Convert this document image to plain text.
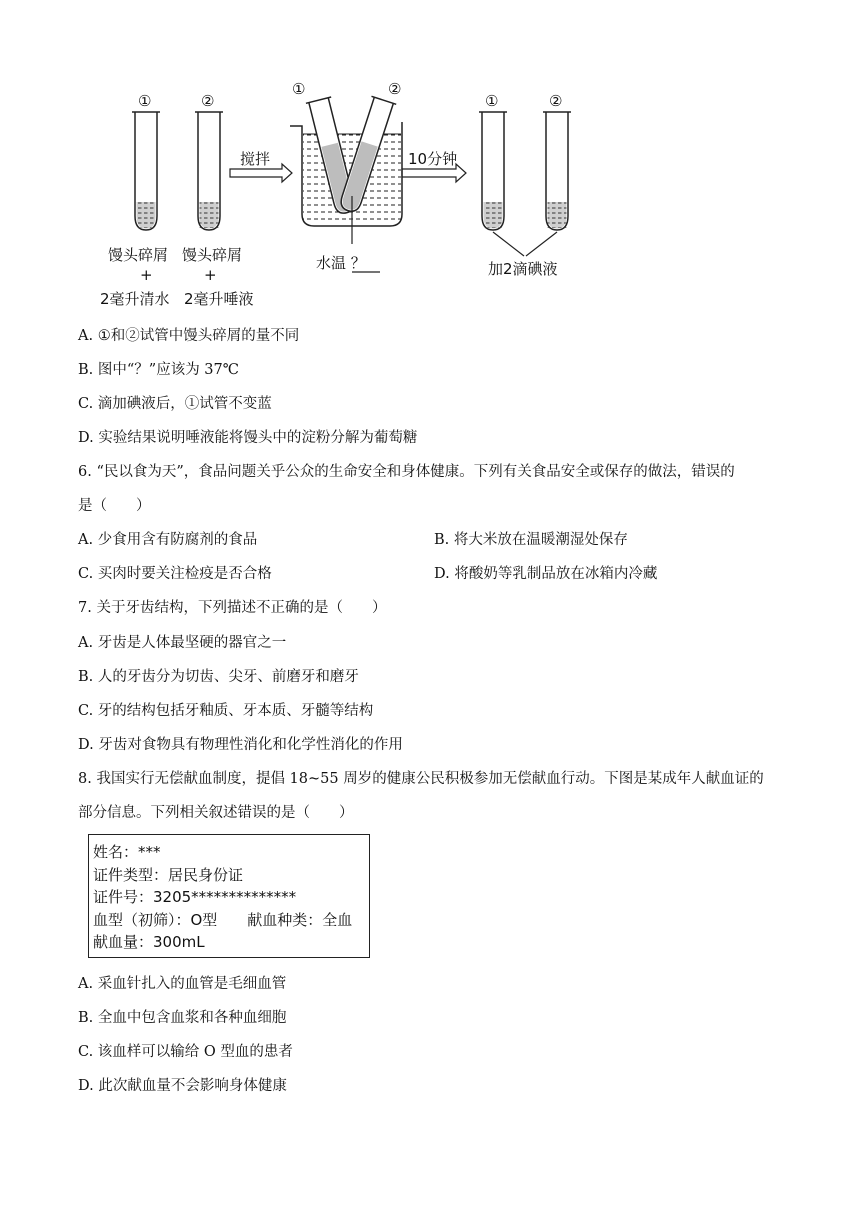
①	②
馒头碎屑
+
2毫升清水
馒头碎屑
+
2毫升唾液
搅拌
①	②
水温 ？
10分钟
①	②
加2滴碘液
A. ①和②试管中馒头碎屑的量不同
B. 图中“？”应该为 37℃
C. 滴加碘液后，①试管不变蓝
D. 实验结果说明唾液能将馒头中的淀粉分解为葡萄糖
6. “民以食为天”，食品问题关乎公众的生命安全和身体健康。下列有关食品安全或保存的做法，错误的
是（　　）
A. 少食用含有防腐剂的食品	B. 将大米放在温暖潮湿处保存
C. 买肉时要关注检疫是否合格	D. 将酸奶等乳制品放在冰箱内冷藏
7. 关于牙齿结构，下列描述不正确的是（　　）
A. 牙齿是人体最坚硬的器官之一
B. 人的牙齿分为切齿、尖牙、前磨牙和磨牙
C. 牙的结构包括牙釉质、牙本质、牙髓等结构
D. 牙齿对食物具有物理性消化和化学性消化的作用
8. 我国实行无偿献血制度，提倡 18~55 周岁的健康公民积极参加无偿献血行动。下图是某成年人献血证的
部分信息。下列相关叙述错误的是（　　）
姓名：***
证件类型：居民身份证
证件号：3205**************
血型（初筛）：O型　　献血种类：全血
献血量：300mL
A. 采血针扎入的血管是毛细血管
B. 全血中包含血浆和各种血细胞
C. 该血样可以输给 O 型血的患者
D. 此次献血量不会影响身体健康
